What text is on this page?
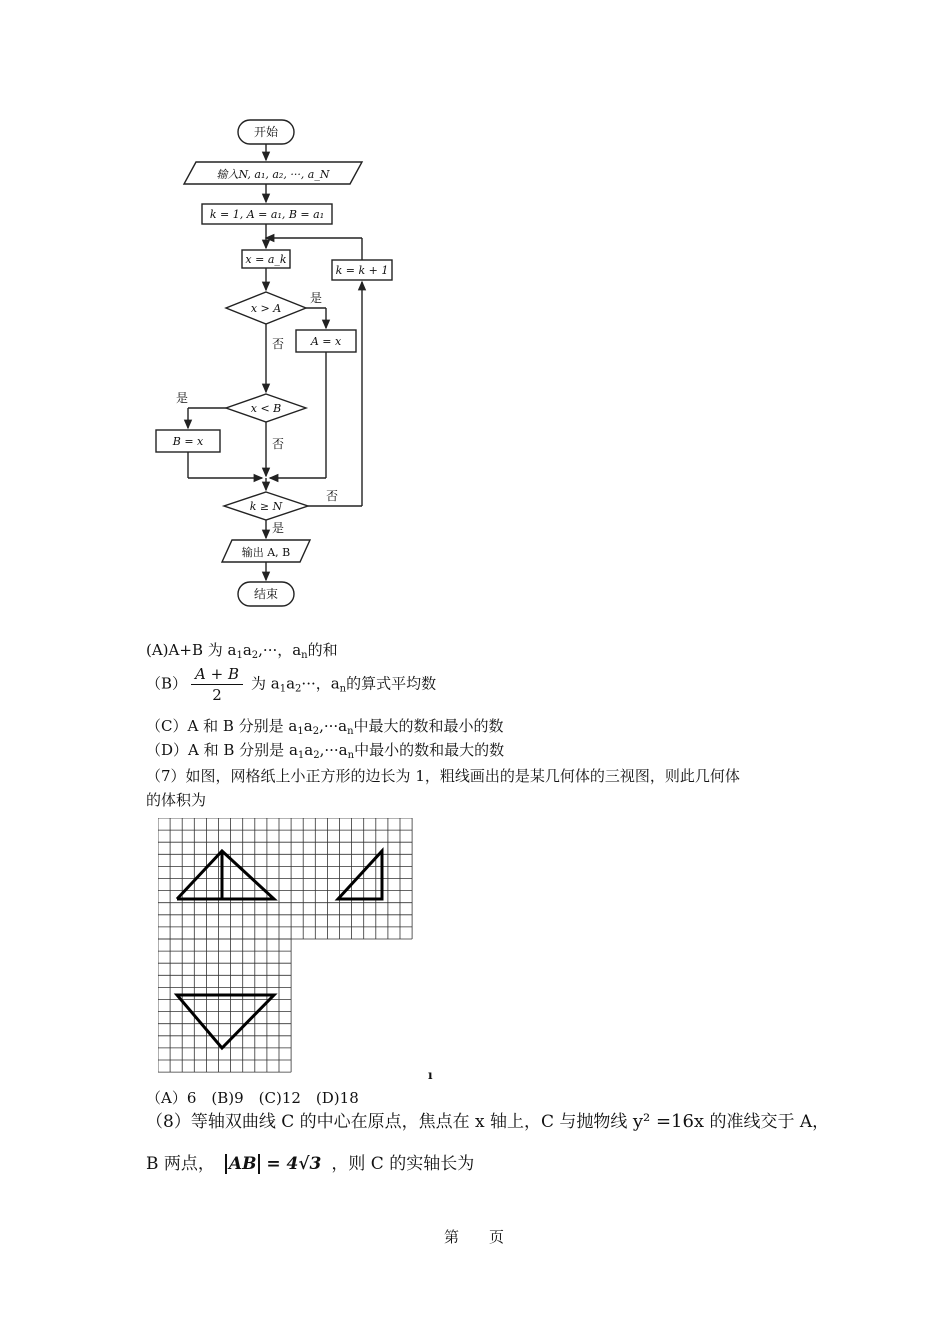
开始
输入N, a₁, a₂, ···, a_N
k = 1, A = a₁, B = a₁
x = a_k
k = k + 1
x > A
是
A = x
否
x < B
是
B = x	否
k ≥ N
否
是
输出 A, B
结束
(A)A+B 为 $a_1a_2,\cdot\cdot\cdot$，$a_n$的和
$(B) \frac{A + B}{2}$ 为 $a_1a_2\cdot\cdot\cdot$，$a_n$的算式平均数
（C）A 和 B 分别是 $a_1a_2,\cdot\cdot\cdot a_n$中最大的数和最小的数
（D）A 和 B 分别是 $a_1a_2,\cdot\cdot\cdot a_n$中最小的数和最大的数
（7）如图，网格纸上小正方形的边长为 1，粗线画出的是某几何体的三视图，则此几何体
的体积为
ı
（A）6　(B)9　(C)12　(D)18
（8）等轴双曲线 C 的中心在原点，焦点在 x 轴上，C 与抛物线 y² =16x 的准线交于 A，
B 两点， AB = 4√3 ，则 C 的实轴长为
第　　页
